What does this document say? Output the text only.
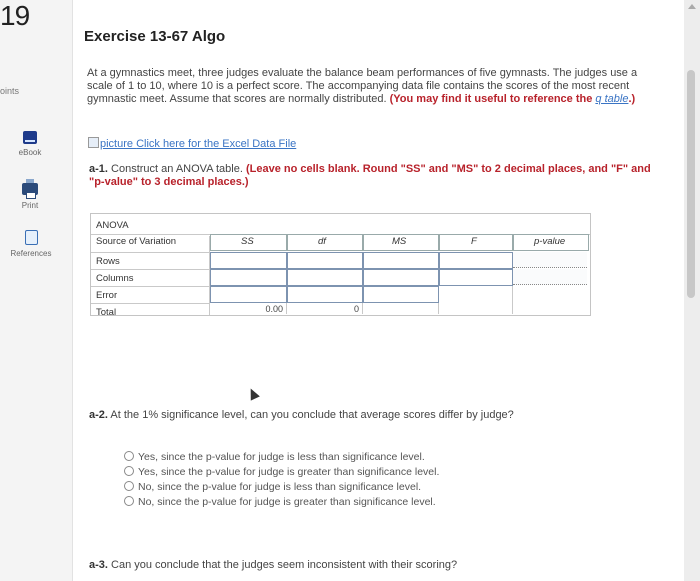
19
oints
eBook
Print
References
Exercise 13-67 Algo
At a gymnastics meet, three judges evaluate the balance beam performances of five gymnasts. The judges use a scale of 1 to 10, where 10 is a perfect score. The accompanying data file contains the scores of the most recent gymnastic meet. Assume that scores are normally distributed. (You may find it useful to reference the q table.)
picture Click here for the Excel Data File
a-1. Construct an ANOVA table. (Leave no cells blank. Round "SS" and "MS" to 2 decimal places, and "F" and "p-value" to 3 decimal places.)
ANOVA
Source of Variation	SS	df	MS	F	p-value
Rows
Columns
Error
Total	0.00	0
a-2. At the 1% significance level, can you conclude that average scores differ by judge?
Yes, since the p-value for judge is less than significance level.
Yes, since the p-value for judge is greater than significance level.
No, since the p-value for judge is less than significance level.
No, since the p-value for judge is greater than significance level.
a-3. Can you conclude that the judges seem inconsistent with their scoring?
